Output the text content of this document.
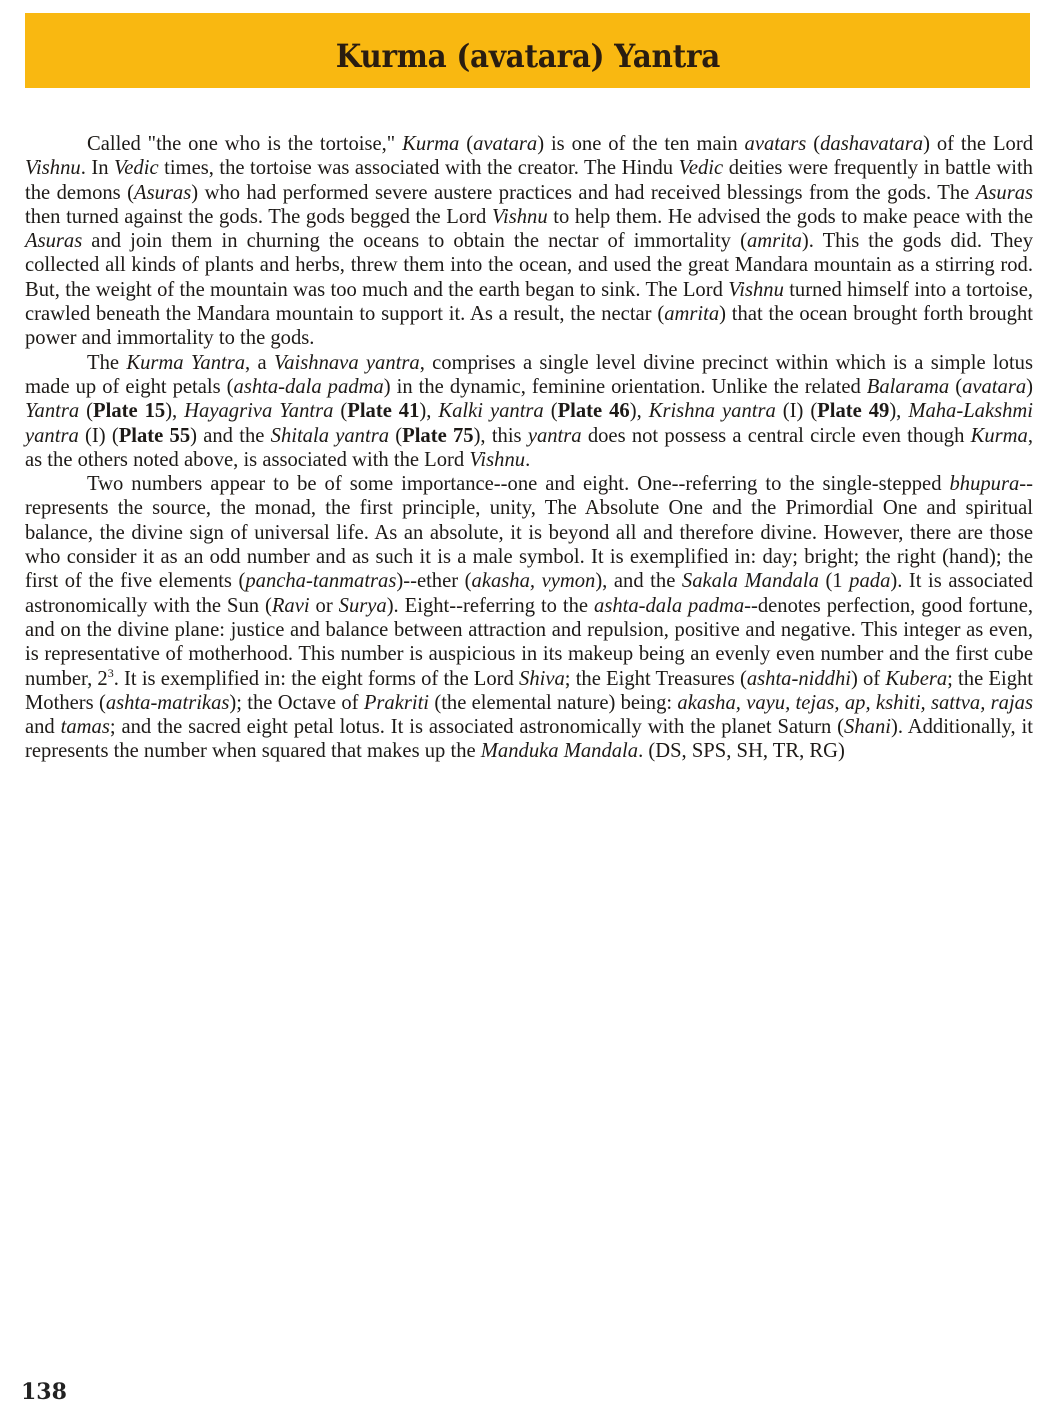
Kurma (avatara) Yantra

Called "the one who is the tortoise," Kurma (avatara) is one of the ten main avatars (dashavatara) of the Lord Vishnu. In Vedic times, the tortoise was associated with the creator. The Hindu Vedic deities were frequently in battle with the demons (Asuras) who had performed severe austere practices and had received blessings from the gods. The Asuras then turned against the gods. The gods begged the Lord Vishnu to help them. He advised the gods to make peace with the Asuras and join them in churning the oceans to obtain the nectar of immortality (amrita). This the gods did. They collected all kinds of plants and herbs, threw them into the ocean, and used the great Mandara mountain as a stirring rod. But, the weight of the mountain was too much and the earth began to sink. The Lord Vishnu turned himself into a tortoise, crawled beneath the Mandara mountain to support it. As a result, the nectar (amrita) that the ocean brought forth brought power and immortality to the gods.

The Kurma Yantra, a Vaishnava yantra, comprises a single level divine precinct within which is a simple lotus made up of eight petals (ashta-dala padma) in the dynamic, feminine orientation. Unlike the related Balarama (avatara) Yantra (Plate 15), Hayagriva Yantra (Plate 41), Kalki yantra (Plate 46), Krishna yantra (I) (Plate 49), Maha-Lakshmi yantra (I) (Plate 55) and the Shitala yantra (Plate 75), this yantra does not possess a central circle even though Kurma, as the others noted above, is associated with the Lord Vishnu.

Two numbers appear to be of some importance--one and eight. One--referring to the single-stepped bhupura--represents the source, the monad, the first principle, unity, The Absolute One and the Primordial One and spiritual balance, the divine sign of universal life. As an absolute, it is beyond all and therefore divine. However, there are those who consider it as an odd number and as such it is a male symbol. It is exemplified in: day; bright; the right (hand); the first of the five elements (pancha-tanmatras)--ether (akasha, vymon), and the Sakala Mandala (1 pada). It is associated astronomically with the Sun (Ravi or Surya). Eight--referring to the ashta-dala padma--denotes perfection, good fortune, and on the divine plane: justice and balance between attraction and repulsion, positive and negative. This integer as even, is representative of motherhood. This number is auspicious in its makeup being an evenly even number and the first cube number, $2^3$. It is exemplified in: the eight forms of the Lord Shiva; the Eight Treasures (ashta-niddhi) of Kubera; the Eight Mothers (ashta-matrikas); the Octave of Prakriti (the elemental nature) being: akasha, vayu, tejas, ap, kshiti, sattva, rajas and tamas; and the sacred eight petal lotus. It is associated astronomically with the planet Saturn (Shani). Additionally, it represents the number when squared that makes up the Manduka Mandala. (DS, SPS, SH, TR, RG)

138
